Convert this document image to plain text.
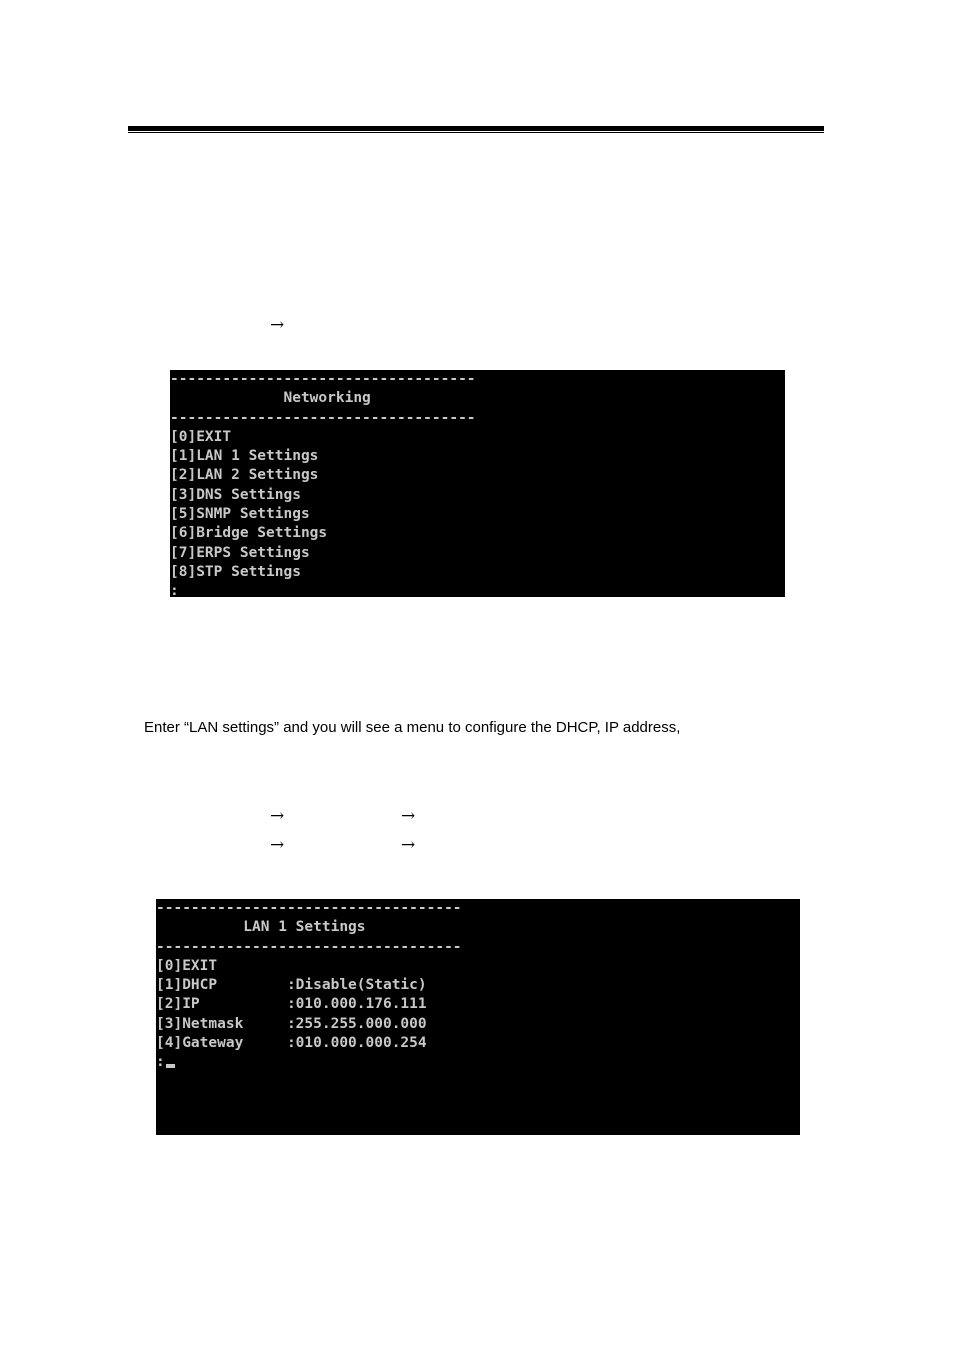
→
-----------------------------------
Networking
-----------------------------------
[0]EXIT
[1]LAN 1 Settings
[2]LAN 2 Settings
[3]DNS Settings
[5]SNMP Settings
[6]Bridge Settings
[7]ERPS Settings
[8]STP Settings
:
Enter “LAN settings” and you will see a menu to configure the DHCP, IP address,
→	→
→	→
-----------------------------------
LAN 1 Settings
-----------------------------------
[0]EXIT
[1]DHCP        :Disable(Static)
[2]IP          :010.000.176.111
[3]Netmask     :255.255.000.000
[4]Gateway     :010.000.000.254
:
